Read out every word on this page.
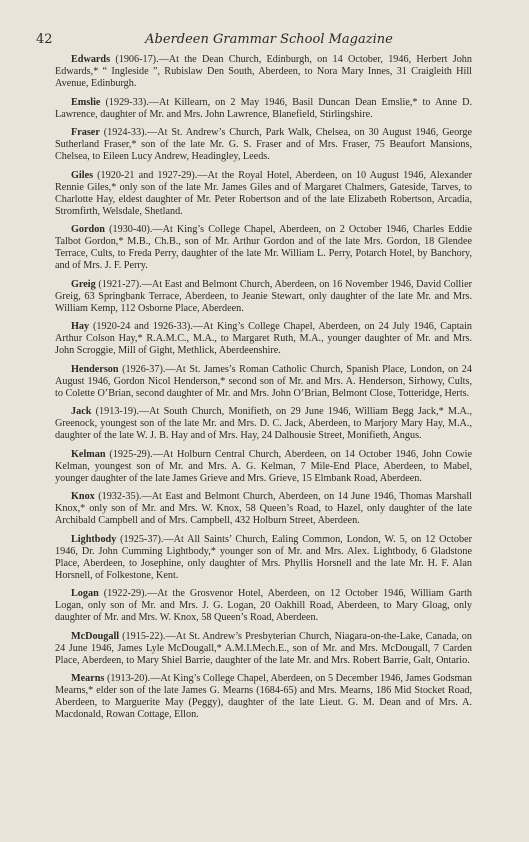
42	Aberdeen Grammar School Magazine

Edwards (1906-17).—At the Dean Church, Edinburgh, on 14 October, 1946, Herbert John Edwards,* “ Ingleside ”, Rubislaw Den South, Aberdeen, to Nora Mary Innes, 31 Craigleith Hill Avenue, Edinburgh.

Emslie (1929-33).—At Killearn, on 2 May 1946, Basil Duncan Dean Emslie,* to Anne D. Lawrence, daughter of Mr. and Mrs. John Lawrence, Blanefield, Stirlingshire.

Fraser (1924-33).—At St. Andrew’s Church, Park Walk, Chelsea, on 30 August 1946, George Sutherland Fraser,* son of the late Mr. G. S. Fraser and of Mrs. Fraser, 75 Beaufort Mansions, Chelsea, to Eileen Lucy Andrew, Headingley, Leeds.

Giles (1920-21 and 1927-29).—At the Royal Hotel, Aberdeen, on 10 August 1946, Alexander Rennie Giles,* only son of the late Mr. James Giles and of Margaret Chalmers, Gateside, Tarves, to Charlotte Hay, eldest daughter of Mr. Peter Robertson and of the late Elizabeth Robertson, Arcadia, Stromfirth, Welsdale, Shetland.

Gordon (1930-40).—At King’s College Chapel, Aberdeen, on 2 October 1946, Charles Eddie Talbot Gordon,* M.B., Ch.B., son of Mr. Arthur Gordon and of the late Mrs. Gordon, 18 Glendee Terrace, Cults, to Freda Perry, daughter of the late Mr. William L. Perry, Potarch Hotel, by Banchory, and of Mrs. J. F. Perry.

Greig (1921-27).—At East and Belmont Church, Aberdeen, on 16 November 1946, David Collier Greig, 63 Springbank Terrace, Aberdeen, to Jeanie Stewart, only daughter of the late Mr. and Mrs. William Kemp, 112 Osborne Place, Aberdeen.

Hay (1920-24 and 1926-33).—At King’s College Chapel, Aberdeen, on 24 July 1946, Captain Arthur Colson Hay,* R.A.M.C., M.A., to Margaret Ruth, M.A., younger daughter of Mr. and Mrs. John Scroggie, Mill of Gight, Methlick, Aberdeenshire.

Henderson (1926-37).—At St. James’s Roman Catholic Church, Spanish Place, London, on 24 August 1946, Gordon Nicol Henderson,* second son of Mr. and Mrs. A. Henderson, Sirhowy, Cults, to Colette O’Brian, second daughter of Mr. and Mrs. John O’Brian, Belmont Close, Totteridge, Herts.

Jack (1913-19).—At South Church, Monifieth, on 29 June 1946, William Begg Jack,* M.A., Greenock, youngest son of the late Mr. and Mrs. D. C. Jack, Aberdeen, to Marjory Mary Hay, M.A., daughter of the late W. J. B. Hay and of Mrs. Hay, 24 Dalhousie Street, Monifieth, Angus.

Kelman (1925-29).—At Holburn Central Church, Aberdeen, on 14 October 1946, John Cowie Kelman, youngest son of Mr. and Mrs. A. G. Kelman, 7 Mile-End Place, Aberdeen, to Mabel, younger daughter of the late James Grieve and Mrs. Grieve, 15 Elmbank Road, Aberdeen.

Knox (1932-35).—At East and Belmont Church, Aberdeen, on 14 June 1946, Thomas Marshall Knox,* only son of Mr. and Mrs. W. Knox, 58 Queen’s Road, to Hazel, only daughter of the late Archibald Campbell and of Mrs. Campbell, 432 Holburn Street, Aberdeen.

Lightbody (1925-37).—At All Saints’ Church, Ealing Common, London, W. 5, on 12 October 1946, Dr. John Cumming Lightbody,* younger son of Mr. and Mrs. Alex. Lightbody, 6 Gladstone Place, Aberdeen, to Josephine, only daughter of Mrs. Phyllis Horsnell and the late Mr. H. F. Alan Horsnell, of Folkestone, Kent.

Logan (1922-29).—At the Grosvenor Hotel, Aberdeen, on 12 October 1946, William Garth Logan, only son of Mr. and Mrs. J. G. Logan, 20 Oakhill Road, Aberdeen, to Mary Gloag, only daughter of Mr. and Mrs. W. Knox, 58 Queen’s Road, Aberdeen.

McDougall (1915-22).—At St. Andrew’s Presbyterian Church, Niagara-on-the-Lake, Canada, on 24 June 1946, James Lyle McDougall,* A.M.I.Mech.E., son of Mr. and Mrs. McDougall, 7 Carden Place, Aberdeen, to Mary Shiel Barrie, daughter of the late Mr. and Mrs. Robert Barrie, Galt, Ontario.

Mearns (1913-20).—At King’s College Chapel, Aberdeen, on 5 December 1946, James Godsman Mearns,* elder son of the late James G. Mearns (1684-65) and Mrs. Mearns, 186 Mid Stocket Road, Aberdeen, to Marguerite May (Peggy), daughter of the late Lieut. G. M. Dean and of Mrs. A. Macdonald, Rowan Cottage, Ellon.
